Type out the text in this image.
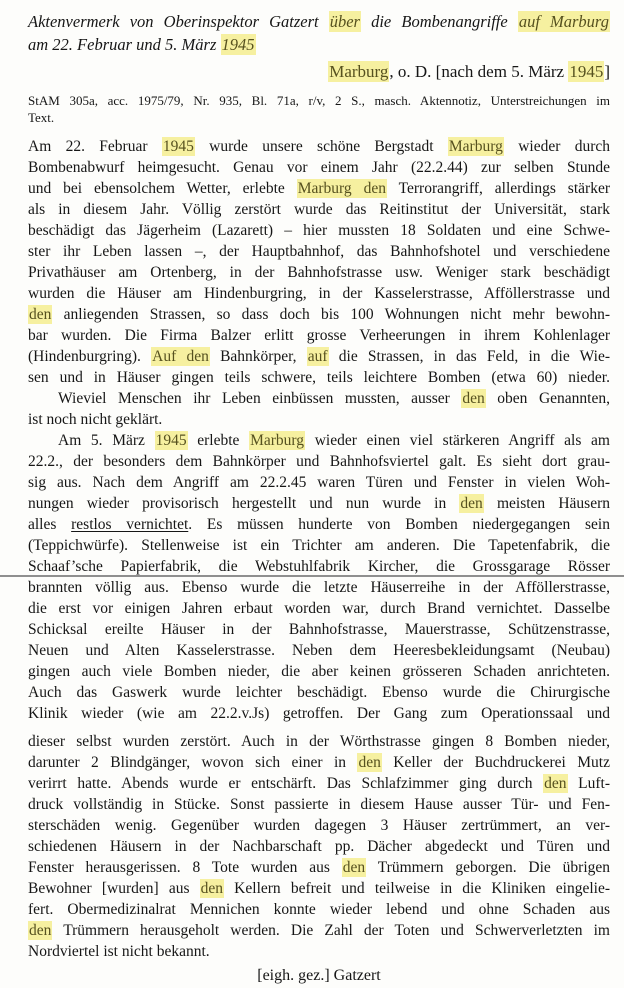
Aktenvermerk von Oberinspektor Gatzert über die Bombenangriffe auf Marburg
am 22. Februar und 5. März 1945
Marburg, o. D. [nach dem 5. März 1945]
StAM 305a, acc. 1975/79, Nr. 935, Bl. 71a, r/v, 2 S., masch. Aktennotiz, Unterstreichungen im
Text.
Am 22. Februar 1945 wurde unsere schöne Bergstadt Marburg wieder durch
Bombenabwurf heimgesucht. Genau vor einem Jahr (22.2.44) zur selben Stunde
und bei ebensolchem Wetter, erlebte Marburg den Terrorangriff, allerdings stärker
als in diesem Jahr. Völlig zerstört wurde das Reitinstitut der Universität, stark
beschädigt das Jägerheim (Lazarett) – hier mussten 18 Soldaten und eine Schwe-
ster ihr Leben lassen –, der Hauptbahnhof, das Bahnhofshotel und verschiedene
Privathäuser am Ortenberg, in der Bahnhofstrasse usw. Weniger stark beschädigt
wurden die Häuser am Hindenburgring, in der Kasselerstrasse, Afföllerstrasse und
den anliegenden Strassen, so dass doch bis 100 Wohnungen nicht mehr bewohn-
bar wurden. Die Firma Balzer erlitt grosse Verheerungen in ihrem Kohlenlager
(Hindenburgring). Auf den Bahnkörper, auf die Strassen, in das Feld, in die Wie-
sen und in Häuser gingen teils schwere, teils leichtere Bomben (etwa 60) nieder.
Wieviel Menschen ihr Leben einbüssen mussten, ausser den oben Genannten,
ist noch nicht geklärt.
Am 5. März 1945 erlebte Marburg wieder einen viel stärkeren Angriff als am
22.2., der besonders dem Bahnkörper und Bahnhofsviertel galt. Es sieht dort grau-
sig aus. Nach dem Angriff am 22.2.45 waren Türen und Fenster in vielen Woh-
nungen wieder provisorisch hergestellt und nun wurde in den meisten Häusern
alles restlos vernichtet. Es müssen hunderte von Bomben niedergegangen sein
(Teppichwürfe). Stellenweise ist ein Trichter am anderen. Die Tapetenfabrik, die
Schaaf’sche Papierfabrik, die Webstuhlfabrik Kircher, die Grossgarage Rösser
brannten völlig aus. Ebenso wurde die letzte Häuserreihe in der Afföllerstrasse,
die erst vor einigen Jahren erbaut worden war, durch Brand vernichtet. Dasselbe
Schicksal ereilte Häuser in der Bahnhofstrasse, Mauerstrasse, Schützenstrasse,
Neuen und Alten Kasselerstrasse. Neben dem Heeresbekleidungsamt (Neubau)
gingen auch viele Bomben nieder, die aber keinen grösseren Schaden anrichteten.
Auch das Gaswerk wurde leichter beschädigt. Ebenso wurde die Chirurgische
Klinik wieder (wie am 22.2.v.Js) getroffen. Der Gang zum Operationssaal und
dieser selbst wurden zerstört. Auch in der Wörthstrasse gingen 8 Bomben nieder,
darunter 2 Blindgänger, wovon sich einer in den Keller der Buchdruckerei Mutz
verirrt hatte. Abends wurde er entschärft. Das Schlafzimmer ging durch den Luft-
druck vollständig in Stücke. Sonst passierte in diesem Hause ausser Tür- und Fen-
sterschäden wenig. Gegenüber wurden dagegen 3 Häuser zertrümmert, an ver-
schiedenen Häusern in der Nachbarschaft pp. Dächer abgedeckt und Türen und
Fenster herausgerissen. 8 Tote wurden aus den Trümmern geborgen. Die übrigen
Bewohner [wurden] aus den Kellern befreit und teilweise in die Kliniken eingelie-
fert. Obermedizinalrat Mennichen konnte wieder lebend und ohne Schaden aus
den Trümmern herausgeholt werden. Die Zahl der Toten und Schwerverletzten im
Nordviertel ist nicht bekannt.
[eigh. gez.] Gatzert
